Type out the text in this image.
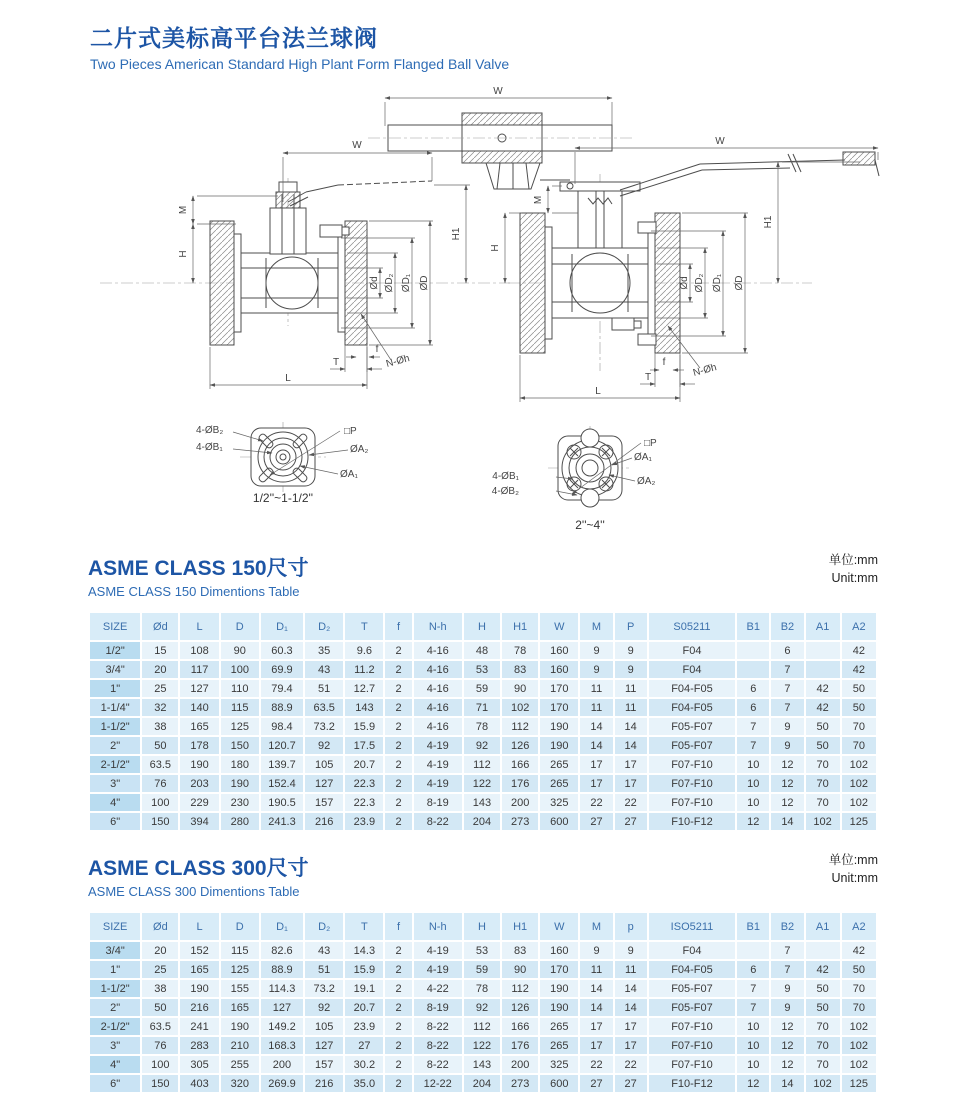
二片式美标高平台法兰球阀
Two Pieces American Standard High Plant Form Flanged Ball Valve
W
W
M
H
H1
Ød ØD₂ ØD₁ ØD
L
T
f
N-Øh
W
M
H
H1
Ød ØD₂ ØD₁ ØD
L
T
f	N-Øh
4-ØB₂
4-ØB₁
□P
ØA₂
ØA₁
1/2''~1-1/2''
4-ØB₁
4-ØB₂
□P
ØA₁
ØA₂
2''~4''
ASME CLASS 150尺寸
ASME CLASS 150 Dimentions Table
单位:mm
Unit:mm
SIZE	Ød	L	D	D₁	D₂	T	f	N-h	H	H1	W	M	P	S05211	B1	B2	A1	A2
1/2"	15	108	90	60.3	35	9.6	2	4-16	48	78	160	9	9	F04		6		42
3/4"	20	117	100	69.9	43	11.2	2	4-16	53	83	160	9	9	F04		7		42
1"	25	127	110	79.4	51	12.7	2	4-16	59	90	170	11	11	F04-F05	6	7	42	50
1-1/4"	32	140	115	88.9	63.5	143	2	4-16	71	102	170	11	11	F04-F05	6	7	42	50
1-1/2"	38	165	125	98.4	73.2	15.9	2	4-16	78	112	190	14	14	F05-F07	7	9	50	70
2"	50	178	150	120.7	92	17.5	2	4-19	92	126	190	14	14	F05-F07	7	9	50	70
2-1/2"	63.5	190	180	139.7	105	20.7	2	4-19	112	166	265	17	17	F07-F10	10	12	70	102
3"	76	203	190	152.4	127	22.3	2	4-19	122	176	265	17	17	F07-F10	10	12	70	102
4"	100	229	230	190.5	157	22.3	2	8-19	143	200	325	22	22	F07-F10	10	12	70	102
6"	150	394	280	241.3	216	23.9	2	8-22	204	273	600	27	27	F10-F12	12	14	102	125
ASME CLASS 300尺寸
ASME CLASS 300 Dimentions Table
单位:mm
Unit:mm
SIZE	Ød	L	D	D₁	D₂	T	f	N-h	H	H1	W	M	p	ISO5211	B1	B2	A1	A2
3/4"	20	152	115	82.6	43	14.3	2	4-19	53	83	160	9	9	F04		7		42
1"	25	165	125	88.9	51	15.9	2	4-19	59	90	170	11	11	F04-F05	6	7	42	50
1-1/2"	38	190	155	114.3	73.2	19.1	2	4-22	78	112	190	14	14	F05-F07	7	9	50	70
2"	50	216	165	127	92	20.7	2	8-19	92	126	190	14	14	F05-F07	7	9	50	70
2-1/2"	63.5	241	190	149.2	105	23.9	2	8-22	112	166	265	17	17	F07-F10	10	12	70	102
3"	76	283	210	168.3	127	27	2	8-22	122	176	265	17	17	F07-F10	10	12	70	102
4"	100	305	255	200	157	30.2	2	8-22	143	200	325	22	22	F07-F10	10	12	70	102
6"	150	403	320	269.9	216	35.0	2	12-22	204	273	600	27	27	F10-F12	12	14	102	125
